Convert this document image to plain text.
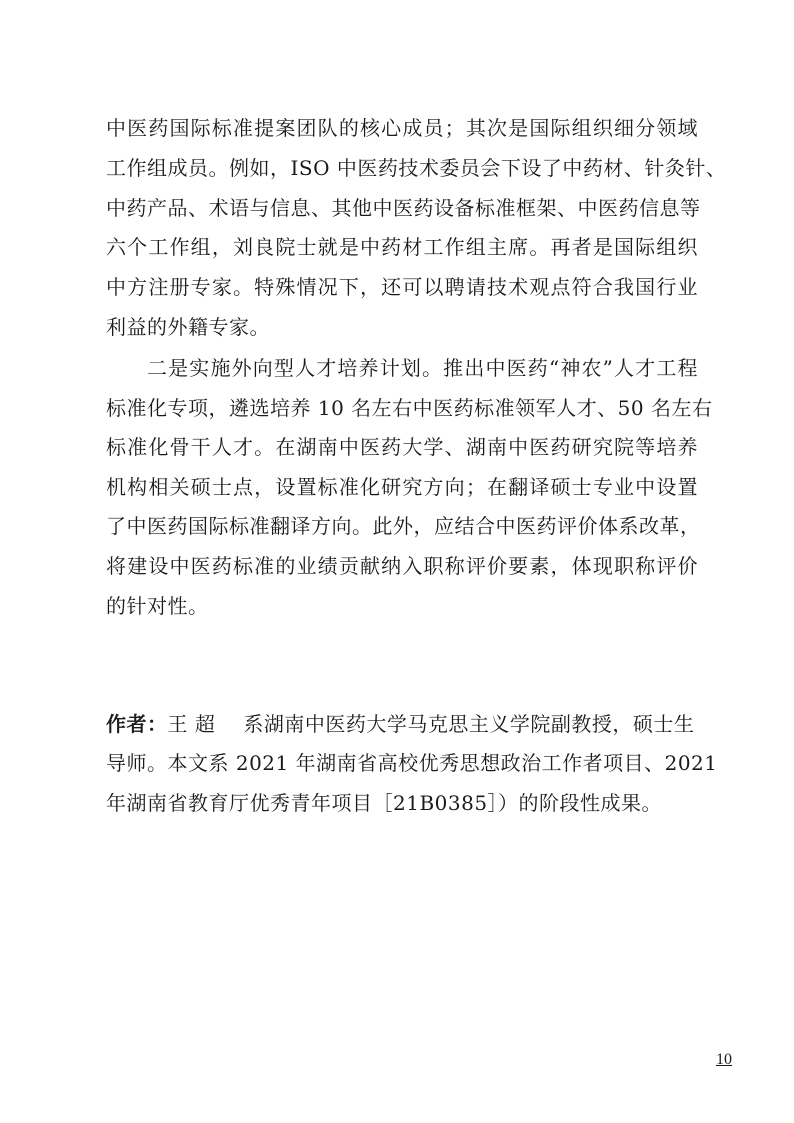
中医药国际标准提案团队的核心成员；其次是国际组织细分领域
工作组成员。例如，ISO 中医药技术委员会下设了中药材、针灸针、
中药产品、术语与信息、其他中医药设备标准框架、中医药信息等
六个工作组，刘良院士就是中药材工作组主席。再者是国际组织
中方注册专家。特殊情况下，还可以聘请技术观点符合我国行业
利益的外籍专家。
二是实施外向型人才培养计划。推出中医药“神农”人才工程
标准化专项，遴选培养 10 名左右中医药标准领军人才、50 名左右
标准化骨干人才。在湖南中医药大学、湖南中医药研究院等培养
机构相关硕士点，设置标准化研究方向；在翻译硕士专业中设置
了中医药国际标准翻译方向。此外，应结合中医药评价体系改革，
将建设中医药标准的业绩贡献纳入职称评价要素，体现职称评价
的针对性。
作者：王 超 系湖南中医药大学马克思主义学院副教授，硕士生
导师。本文系 2021 年湖南省高校优秀思想政治工作者项目、2021
年湖南省教育厅优秀青年项目［21B0385］）的阶段性成果。
10
